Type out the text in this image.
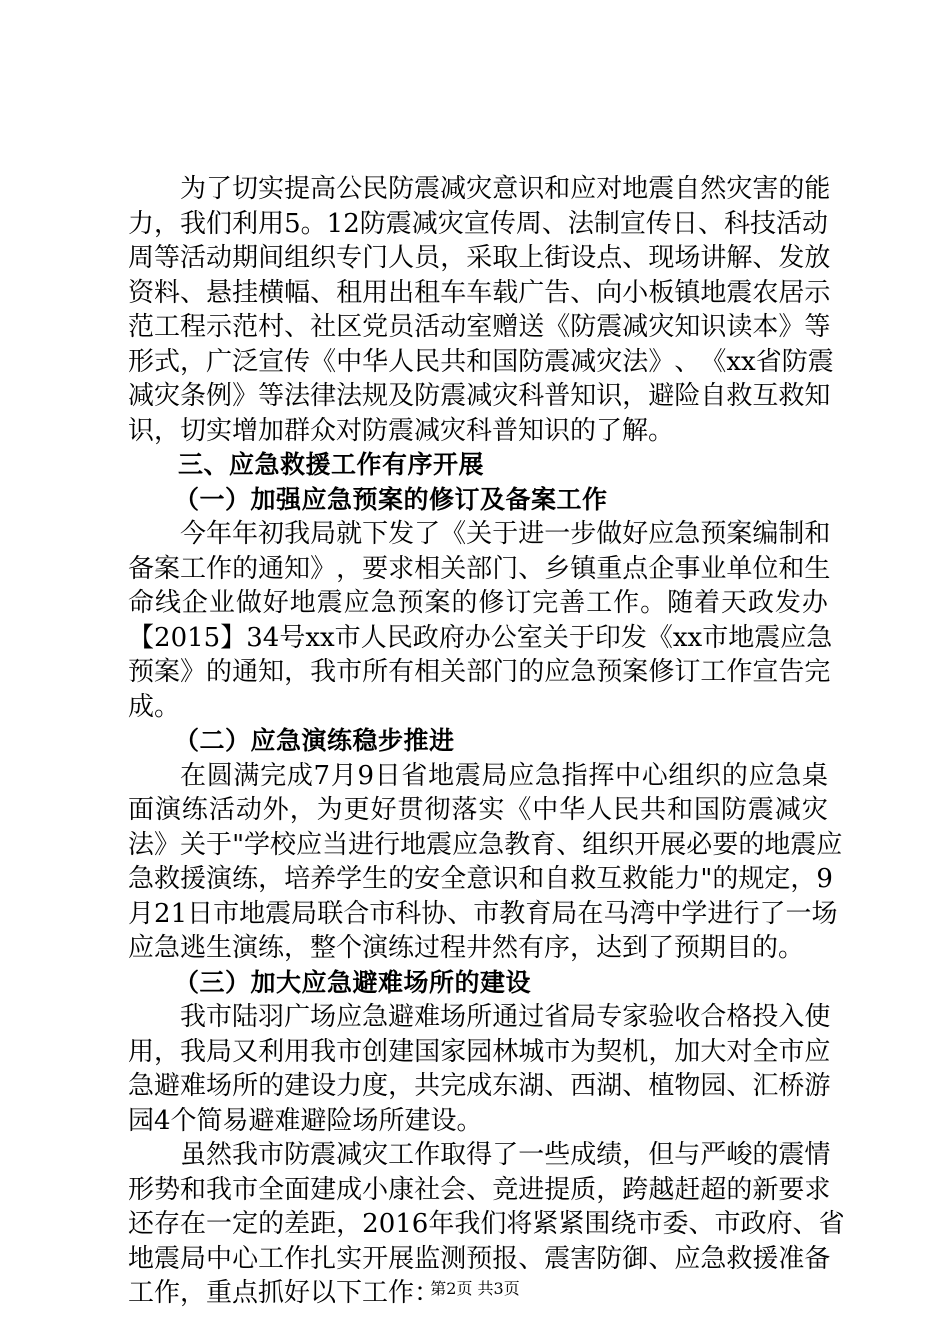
为 了 切 实 提 高 公 民 防 震 减 灾 意 识 和 应 对 地 震 自 然 灾 害 的 能
力 ， 我 们 利 用 5 。 1 2 防 震 减 灾 宣 传 周 、 法 制 宣 传 日 、 科 技 活 动
周 等 活 动 期 间 组 织 专 门 人 员 ， 采 取 上 街 设 点 、 现 场 讲 解 、 发 放
资 料 、 悬 挂 横 幅 、 租 用 出 租 车 车 载 广 告 、 向 小 板 镇 地 震 农 居 示
范 工 程 示 范 村 、 社 区 党 员 活 动 室 赠 送 《 防 震 减 灾 知 识 读 本 》 等
形 式 ， 广 泛 宣 传 《 中 华 人 民 共 和 国 防 震 减 灾 法 》 、 《 x x 省 防 震
减 灾 条 例 》 等 法 律 法 规 及 防 震 减 灾 科 普 知 识 ， 避 险 自 救 互 救 知
识，切实增加群众对防震减灾科普知识的了解。
三、应急救援工作有序开展
（一）加强应急预案的修订及备案工作
今 年 年 初 我 局 就 下 发 了 《 关 于 进 一 步 做 好 应 急 预 案 编 制 和
备 案 工 作 的 通 知 》 ， 要 求 相 关 部 门 、 乡 镇 重 点 企 事 业 单 位 和 生
命 线 企 业 做 好 地 震 应 急 预 案 的 修 订 完 善 工 作 。 随 着 天 政 发 办
【 2 0 1 5 】 3 4 号 x x 市 人 民 政 府 办 公 室 关 于 印 发 《 x x 市 地 震 应 急
预 案 》 的 通 知 ， 我 市 所 有 相 关 部 门 的 应 急 预 案 修 订 工 作 宣 告 完
成。
（二）应急演练稳步推进
在 圆 满 完 成 7 月 9 日 省 地 震 局 应 急 指 挥 中 心 组 织 的 应 急 桌
面 演 练 活 动 外 ， 为 更 好 贯 彻 落 实 《 中 华 人 民 共 和 国 防 震 减 灾
法 》 关 于 " 学 校 应 当 进 行 地 震 应 急 教 育 、 组 织 开 展 必 要 的 地 震 应
急 救 援 演 练 ， 培 养 学 生 的 安 全 意 识 和 自 救 互 救 能 力 " 的 规 定 ， 9
月 2 1 日 市 地 震 局 联 合 市 科 协 、 市 教 育 局 在 马 湾 中 学 进 行 了 一 场
应急逃生演练，整个演练过程井然有序，达到了预期目的。
（三）加大应急避难场所的建设
我 市 陆 羽 广 场 应 急 避 难 场 所 通 过 省 局 专 家 验 收 合 格 投 入 使
用 ， 我 局 又 利 用 我 市 创 建 国 家 园 林 城 市 为 契 机 ， 加 大 对 全 市 应
急 避 难 场 所 的 建 设 力 度 ， 共 完 成 东 湖 、 西 湖 、 植 物 园 、 汇 桥 游
园4个简易避难避险场所建设。
虽 然 我 市 防 震 减 灾 工 作 取 得 了 一 些 成 绩 ， 但 与 严 峻 的 震 情
形 势 和 我 市 全 面 建 成 小 康 社 会 、 竞 进 提 质 ， 跨 越 赶 超 的 新 要 求
还 存 在 一 定 的 差 距 ， 2 0 1 6 年 我 们 将 紧 紧 围 绕 市 委 、 市 政 府 、 省
地 震 局 中 心 工 作 扎 实 开 展 监 测 预 报 、 震 害 防 御 、 应 急 救 援 准 备
工作，重点抓好以下工作：
第2页 共3页
